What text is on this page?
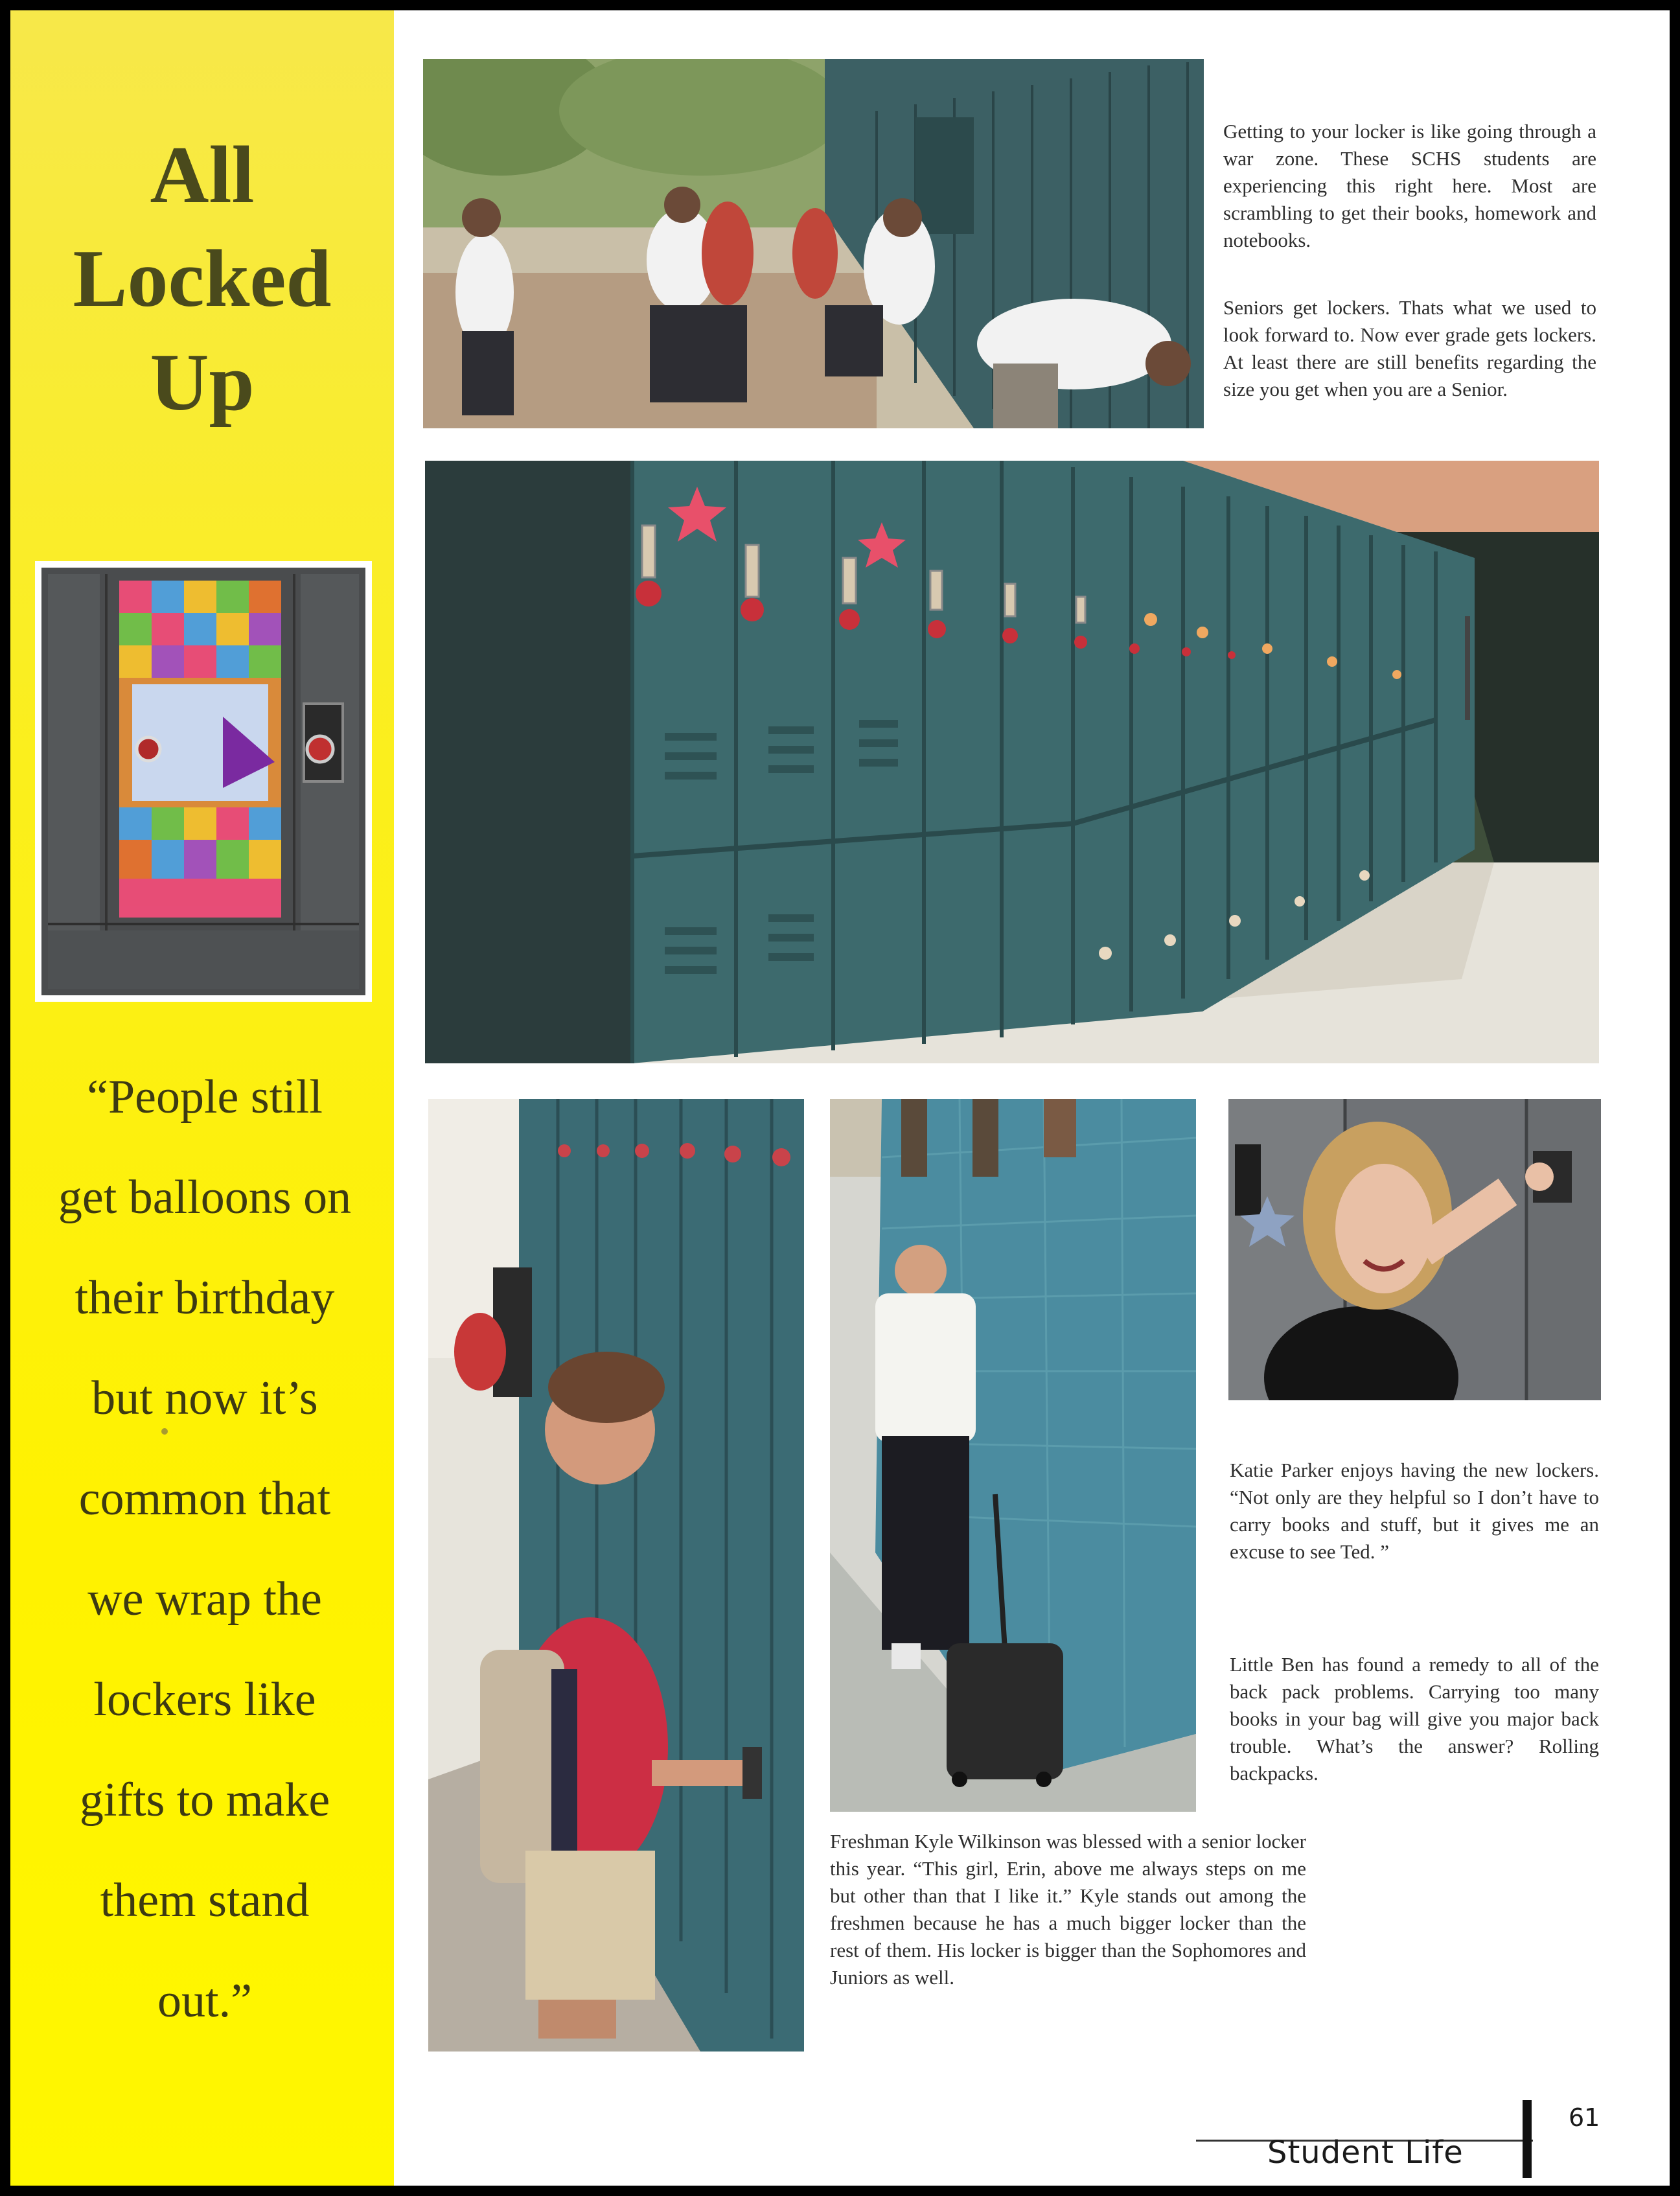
All
Locked
Up
“People still
get balloons on
their birthday
but now it’s
common that
we wrap the
lockers like
gifts to make
them stand
out.”
Getting to your locker is like going through a war zone. These SCHS students are experiencing this right here. Most are scrambling to get their books, homework and notebooks.
Seniors get lockers. Thats what we used to look forward to. Now ever grade gets lockers. At least there are still benefits regarding the size you get when you are a Senior.
Freshman Kyle Wilkinson was blessed with a senior locker this year. “This girl, Erin, above me always steps on me but other than that I like it.” Kyle stands out among the freshmen because he has a much bigger locker than the rest of them. His locker is bigger than the Sophomores and Juniors as well.
Katie Parker enjoys having the new lockers. “Not only are they helpful so I don’t have to carry books and stuff, but it gives me an excuse to see Ted. ”
Little Ben has found a remedy to all of the back pack problems. Carrying too many books in your bag will give you major back trouble. What’s the answer? Rolling backpacks.
Student Life
61
